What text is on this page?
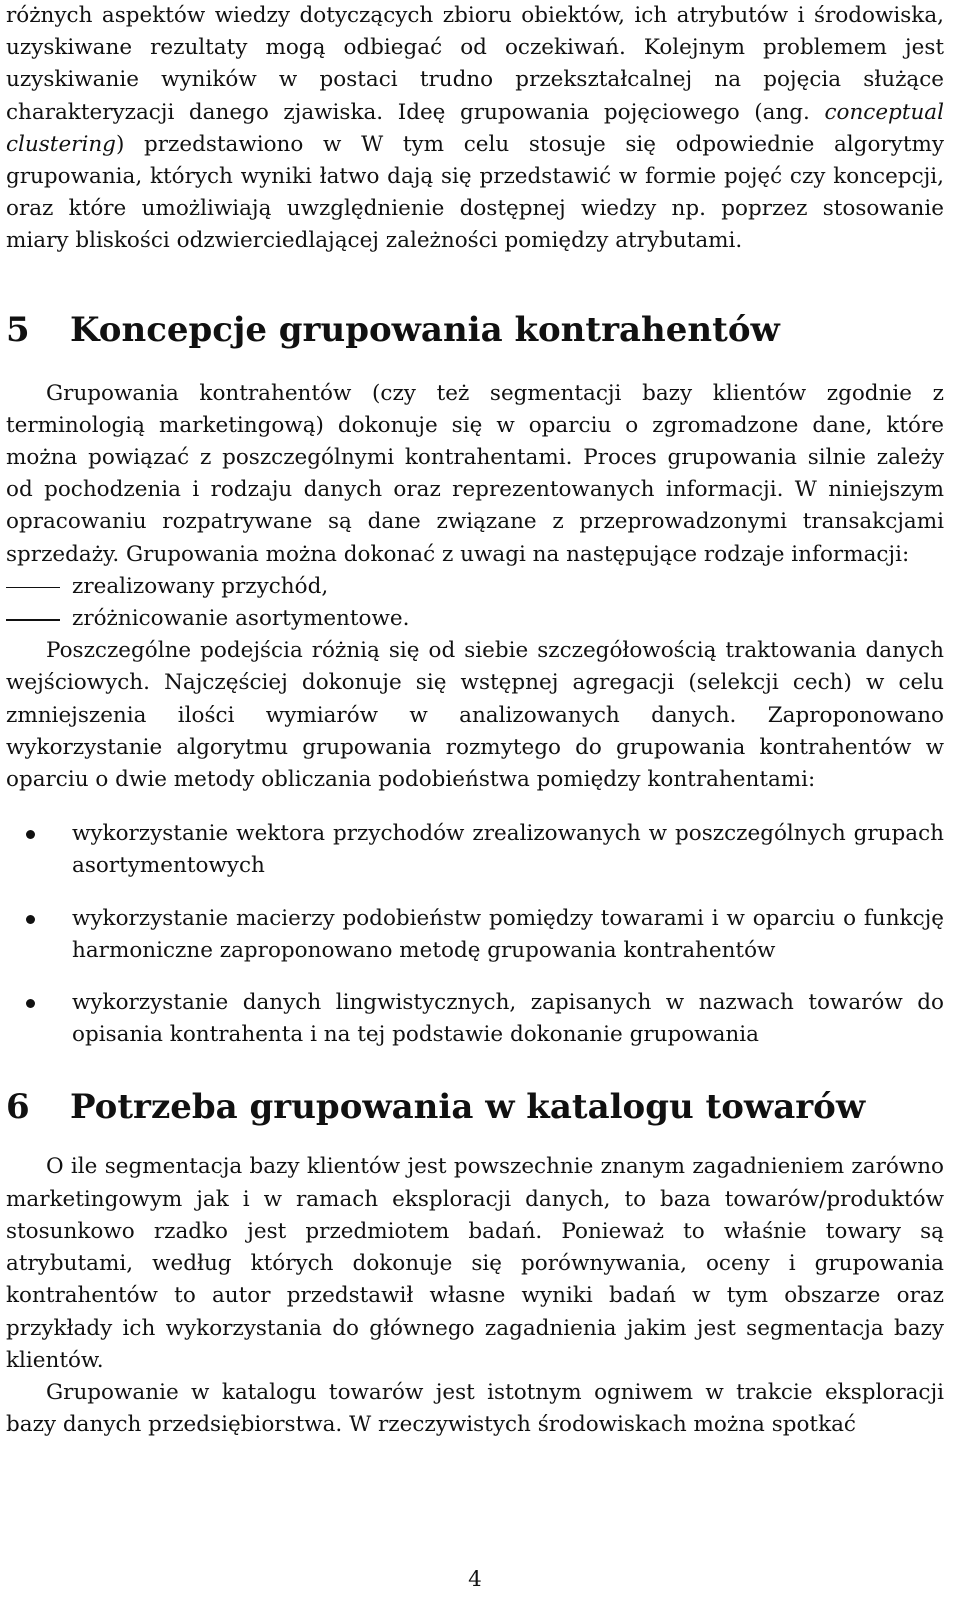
różnych aspektów wiedzy dotyczących zbioru obiektów, ich atrybutów i środowiska, uzyskiwane rezultaty mogą odbiegać od oczekiwań. Kolejnym problemem jest uzyskiwanie wyników w postaci trudno przekształcalnej na pojęcia służące charakteryzacji danego zjawiska. Ideę grupowania pojęciowego (ang. conceptual clustering) przedstawiono w W tym celu stosuje się odpowiednie algorytmy grupowania, których wyniki łatwo dają się przedstawić w formie pojęć czy koncepcji, oraz które umożliwiają uwzględnienie dostępnej wiedzy np. poprzez stosowanie miary bliskości odzwierciedlającej zależności pomiędzy atrybutami.

5 Koncepcje grupowania kontrahentów

Grupowania kontrahentów (czy też segmentacji bazy klientów zgodnie z terminologią marketingową) dokonuje się w oparciu o zgromadzone dane, które można powiązać z poszczególnymi kontrahentami. Proces grupowania silnie zależy od pochodzenia i rodzaju danych oraz reprezentowanych informacji. W niniejszym opracowaniu rozpatrywane są dane związane z przeprowadzonymi transakcjami sprzedaży. Grupowania można dokonać z uwagi na następujące rodzaje informacji:

zrealizowany przychód,
zróżnicowanie asortymentowe.

Poszczególne podejścia różnią się od siebie szczegółowością traktowania danych wejściowych. Najczęściej dokonuje się wstępnej agregacji (selekcji cech) w celu zmniejszenia ilości wymiarów w analizowanych danych. Zaproponowano wykorzystanie algorytmu grupowania rozmytego do grupowania kontrahentów w oparciu o dwie metody obliczania podobieństwa pomiędzy kontrahentami:

wykorzystanie wektora przychodów zrealizowanych w poszczególnych grupach asortymentowych
wykorzystanie macierzy podobieństw pomiędzy towarami i w oparciu o funkcję harmoniczne zaproponowano metodę grupowania kontrahentów
wykorzystanie danych lingwistycznych, zapisanych w nazwach towarów do opisania kontrahenta i na tej podstawie dokonanie grupowania
6 Potrzeba grupowania w katalogu towarów

O ile segmentacja bazy klientów jest powszechnie znanym zagadnieniem zarówno marketingowym jak i w ramach eksploracji danych, to baza towarów/produktów stosunkowo rzadko jest przedmiotem badań. Ponieważ to właśnie towary są atrybutami, według których dokonuje się porównywania, oceny i grupowania kontrahentów to autor przedstawił własne wyniki badań w tym obszarze oraz przykłady ich wykorzystania do głównego zagadnienia jakim jest segmentacja bazy klientów.

Grupowanie w katalogu towarów jest istotnym ogniwem w trakcie eksploracji bazy danych przedsiębiorstwa. W rzeczywistych środowiskach można spotkać

4
